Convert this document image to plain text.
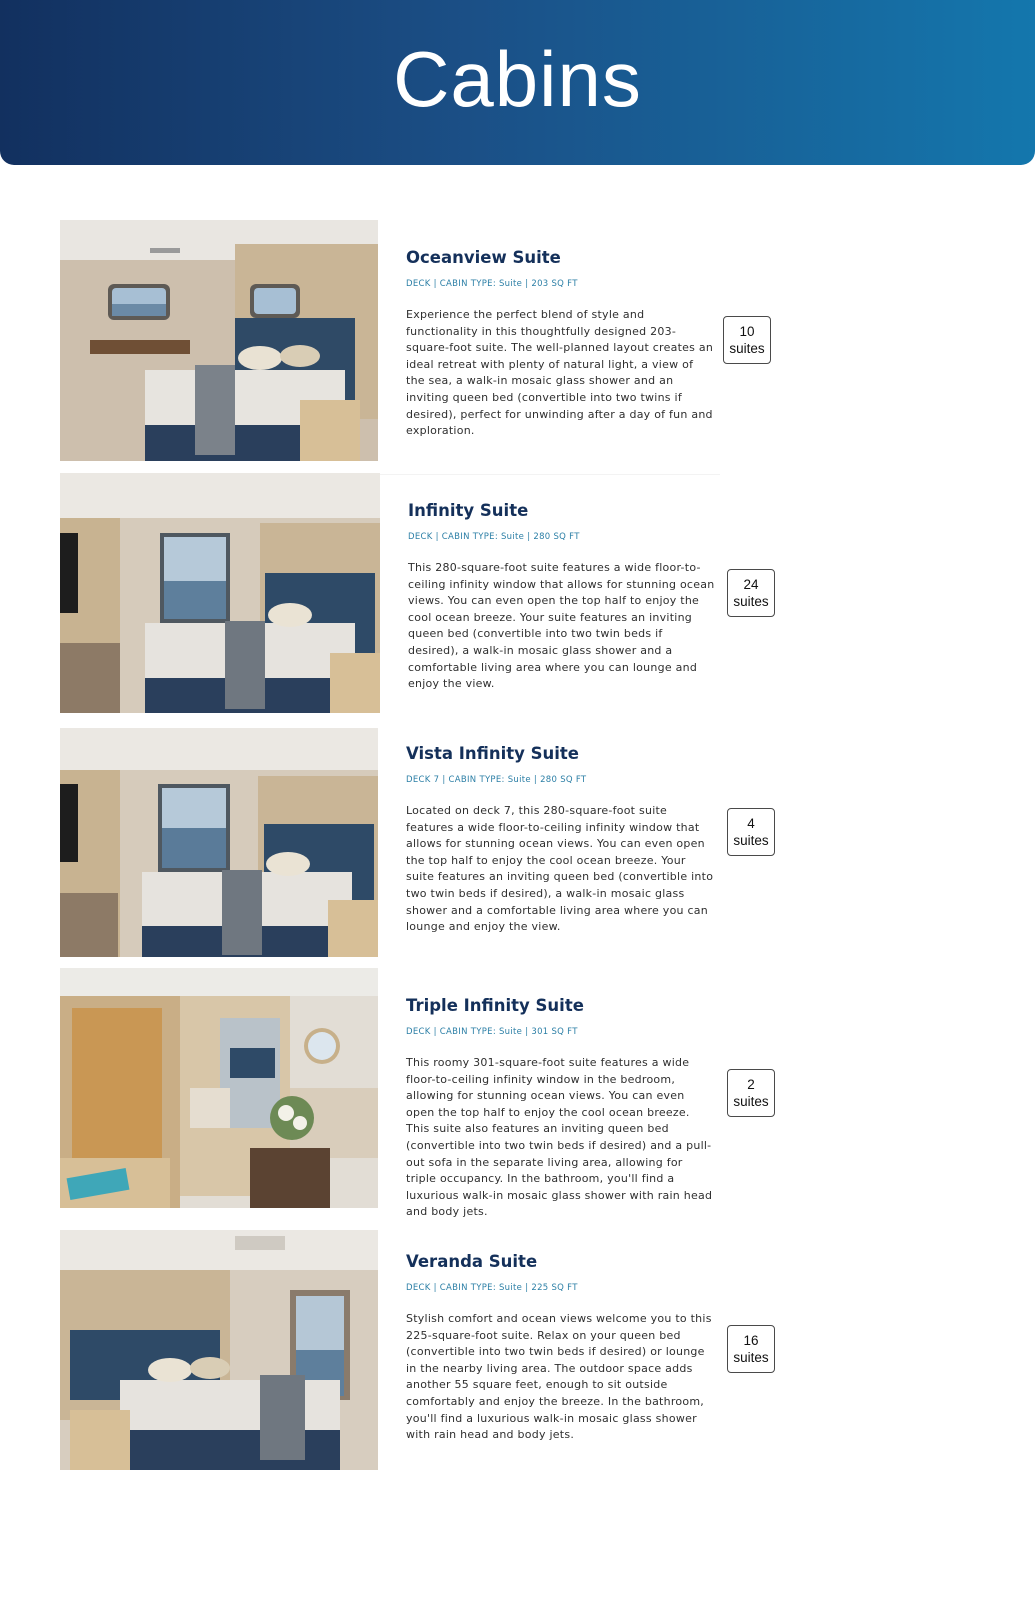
Cabins
Oceanview Suite
DECK | CABIN TYPE: Suite | 203 SQ FT
Experience the perfect blend of style and functionality in this thoughtfully designed 203-square-foot suite. The well-planned layout creates an ideal retreat with plenty of natural light, a view of the sea, a walk-in mosaic glass shower and an inviting queen bed (convertible into two twins if desired), perfect for unwinding after a day of fun and exploration.
10
suites
Infinity Suite
DECK | CABIN TYPE: Suite | 280 SQ FT
This 280-square-foot suite features a wide floor-to-ceiling infinity window that allows for stunning ocean views. You can even open the top half to enjoy the cool ocean breeze. Your suite features an inviting queen bed (convertible into two twin beds if desired), a walk-in mosaic glass shower and a comfortable living area where you can lounge and enjoy the view.
24
suites
Vista Infinity Suite
DECK 7 | CABIN TYPE: Suite | 280 SQ FT
Located on deck 7, this 280-square-foot suite features a wide floor-to-ceiling infinity window that allows for stunning ocean views. You can even open the top half to enjoy the cool ocean breeze. Your suite features an inviting queen bed (convertible into two twin beds if desired), a walk-in mosaic glass shower and a comfortable living area where you can lounge and enjoy the view.
4
suites
Triple Infinity Suite
DECK | CABIN TYPE: Suite | 301 SQ FT
This roomy 301-square-foot suite features a wide floor-to-ceiling infinity window in the bedroom, allowing for stunning ocean views. You can even open the top half to enjoy the cool ocean breeze. This suite also features an inviting queen bed (convertible into two twin beds if desired) and a pull-out sofa in the separate living area, allowing for triple occupancy. In the bathroom, you'll find a luxurious walk-in mosaic glass shower with rain head and body jets.
2
suites
Veranda Suite
DECK | CABIN TYPE: Suite | 225 SQ FT
Stylish comfort and ocean views welcome you to this 225-square-foot suite. Relax on your queen bed (convertible into two twin beds if desired) or lounge in the nearby living area. The outdoor space adds another 55 square feet, enough to sit outside comfortably and enjoy the breeze. In the bathroom, you'll find a luxurious walk-in mosaic glass shower with rain head and body jets.
16
suites
